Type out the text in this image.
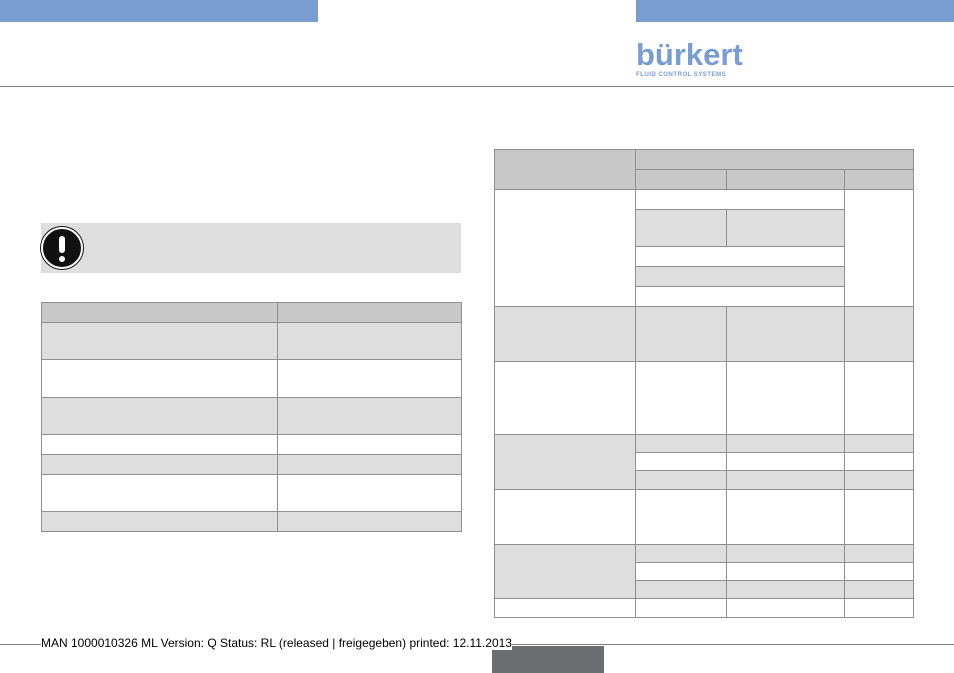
bürkert
FLUID CONTROL SYSTEMS

MAN 1000010326 ML Version: Q Status: RL (released | freigegeben) printed: 12.11.2013
